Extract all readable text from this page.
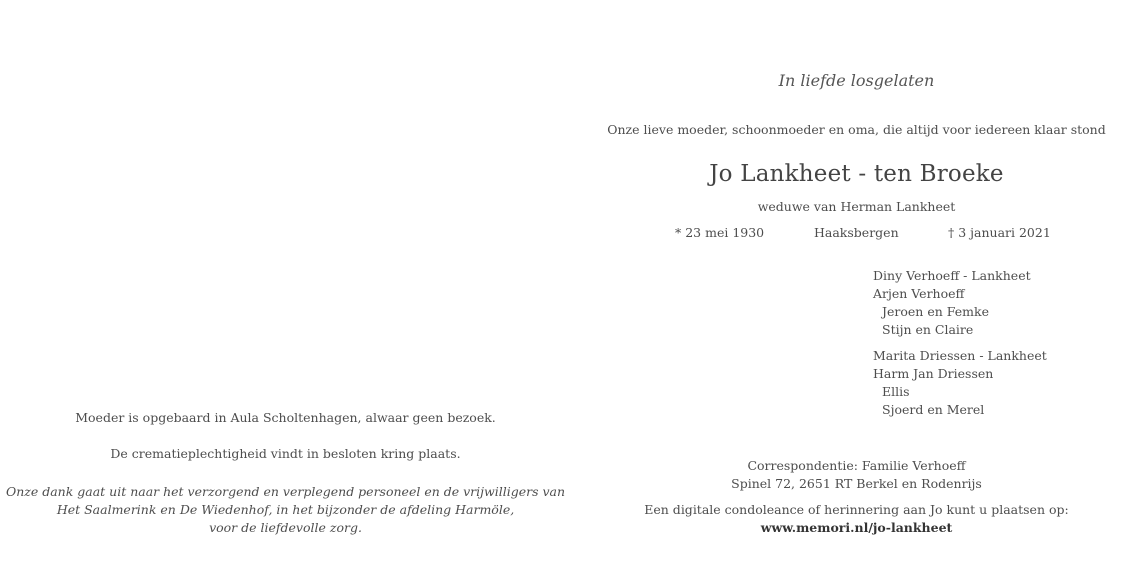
Moeder is opgebaard in Aula Scholtenhagen, alwaar geen bezoek.
De crematieplechtigheid vindt in besloten kring plaats.
Onze dank gaat uit naar het verzorgend en verplegend personeel en de vrijwilligers van
Het Saalmerink en De Wiedenhof, in het bijzonder de afdeling Harmöle,
voor de liefdevolle zorg.
In liefde losgelaten
Onze lieve moeder, schoonmoeder en oma, die altijd voor iedereen klaar stond
Jo Lankheet - ten Broeke
weduwe van Herman Lankheet
* 23 mei 1930	Haaksbergen	† 3 januari 2021
Diny Verhoeff - Lankheet
Arjen Verhoeff
Jeroen en Femke
Stijn en Claire
Marita Driessen - Lankheet
Harm Jan Driessen
Ellis
Sjoerd en Merel
Correspondentie: Familie Verhoeff
Spinel 72, 2651 RT Berkel en Rodenrijs
Een digitale condoleance of herinnering aan Jo kunt u plaatsen op:
www.memori.nl/jo-lankheet
